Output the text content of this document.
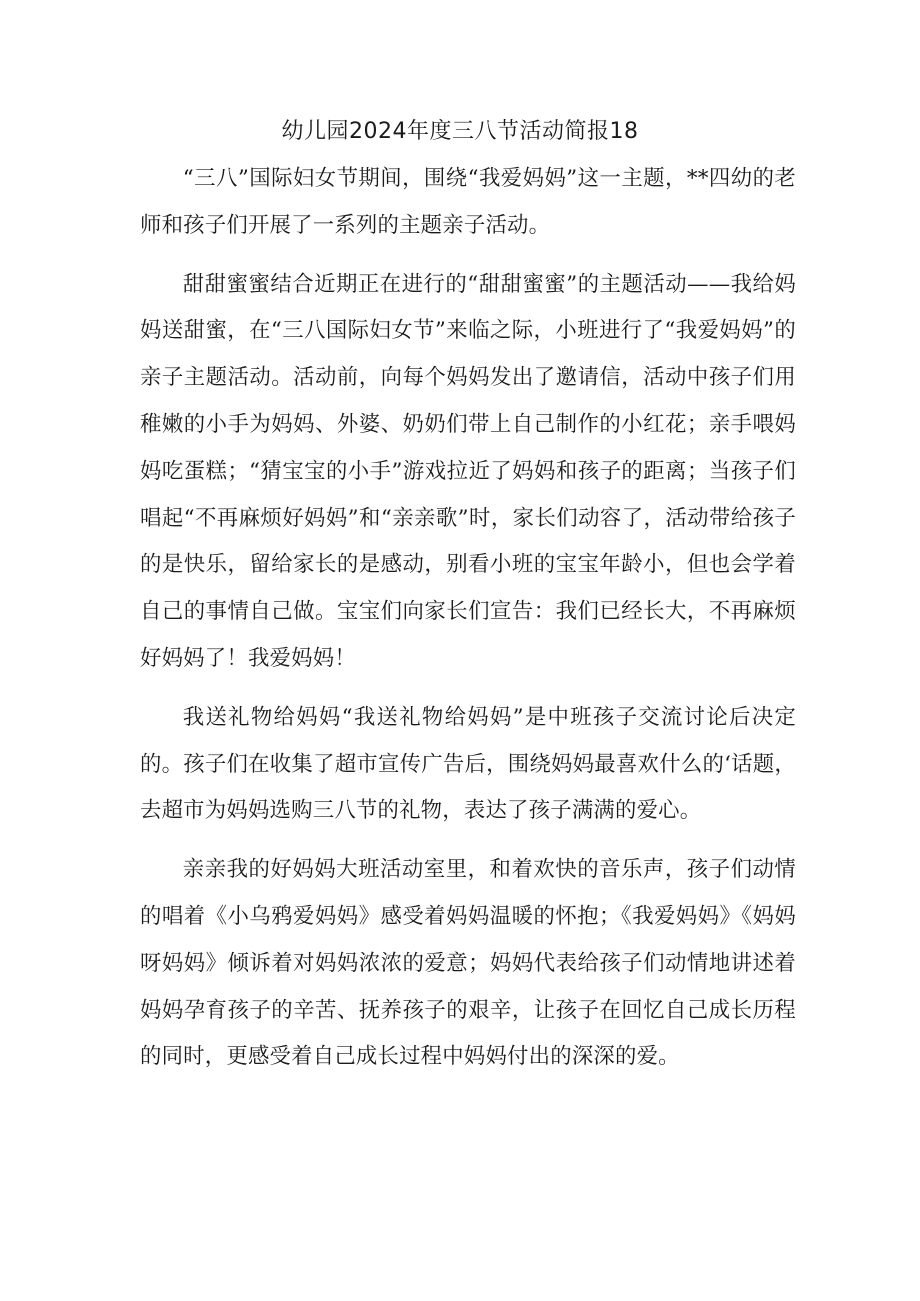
幼儿园2024年度三八节活动简报18

“三八”国际妇女节期间，围绕“我爱妈妈”这一主题，**四幼的老师和孩子们开展了一系列的主题亲子活动。

甜甜蜜蜜结合近期正在进行的“甜甜蜜蜜”的主题活动——我给妈妈送甜蜜，在“三八国际妇女节”来临之际，小班进行了“我爱妈妈”的亲子主题活动。活动前，向每个妈妈发出了邀请信，活动中孩子们用稚嫩的小手为妈妈、外婆、奶奶们带上自己制作的小红花；亲手喂妈妈吃蛋糕；“猜宝宝的小手”游戏拉近了妈妈和孩子的距离；当孩子们唱起“不再麻烦好妈妈”和“亲亲歌”时，家长们动容了，活动带给孩子的是快乐，留给家长的是感动，别看小班的宝宝年龄小，但也会学着自己的事情自己做。宝宝们向家长们宣告：我们已经长大，不再麻烦好妈妈了！我爱妈妈！

我送礼物给妈妈“我送礼物给妈妈”是中班孩子交流讨论后决定的。孩子们在收集了超市宣传广告后，围绕妈妈最喜欢什么的‘话题，去超市为妈妈选购三八节的礼物，表达了孩子满满的爱心。

亲亲我的好妈妈大班活动室里，和着欢快的音乐声，孩子们动情的唱着《小乌鸦爱妈妈》感受着妈妈温暖的怀抱；《我爱妈妈》《妈妈呀妈妈》倾诉着对妈妈浓浓的爱意；妈妈代表给孩子们动情地讲述着妈妈孕育孩子的辛苦、抚养孩子的艰辛，让孩子在回忆自己成长历程的同时，更感受着自己成长过程中妈妈付出的深深的爱。
